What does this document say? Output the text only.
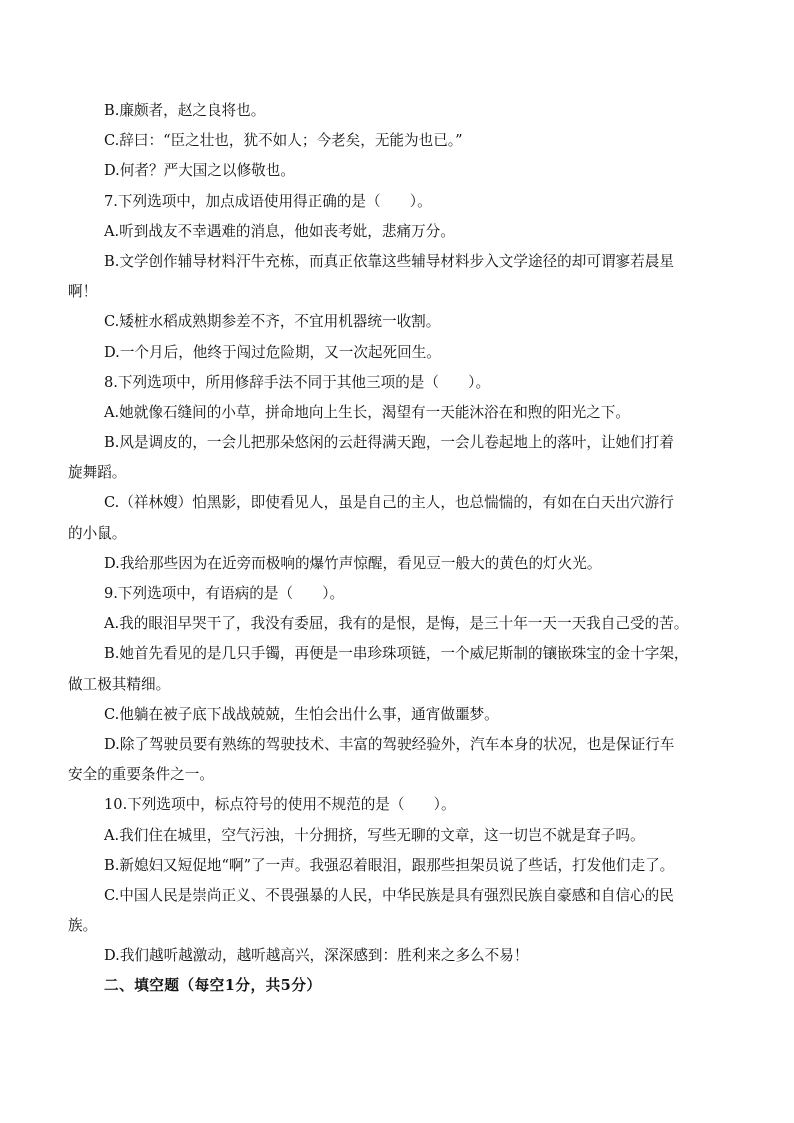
B.廉颇者，赵之良将也。
C.辞曰：“臣之壮也，犹不如人；今老矣，无能为也已。”
D.何者？严大国之以修敬也。
7.下列选项中，加点成语使用得正确的是（　　）。
A.听到战友不幸遇难的消息，他如丧考妣，悲痛万分。
B.文学创作辅导材料汗牛充栋，而真正依靠这些辅导材料步入文学途径的却可谓寥若晨星
啊！
C.矮桩水稻成熟期参差不齐，不宜用机器统一收割。
D.一个月后，他终于闯过危险期，又一次起死回生。
8.下列选项中，所用修辞手法不同于其他三项的是（　　）。
A.她就像石缝间的小草，拼命地向上生长，渴望有一天能沐浴在和煦的阳光之下。
B.风是调皮的，一会儿把那朵悠闲的云赶得满天跑，一会儿卷起地上的落叶，让她们打着
旋舞蹈。
C.（祥林嫂）怕黑影，即使看见人，虽是自己的主人，也总惴惴的，有如在白天出穴游行
的小鼠。
D.我给那些因为在近旁而极响的爆竹声惊醒，看见豆一般大的黄色的灯火光。
9.下列选项中，有语病的是（　　）。
A.我的眼泪早哭干了，我没有委屈，我有的是恨，是悔，是三十年一天一天我自己受的苦。
B.她首先看见的是几只手镯，再便是一串珍珠项链，一个威尼斯制的镶嵌珠宝的金十字架，
做工极其精细。
C.他躺在被子底下战战兢兢，生怕会出什么事，通宵做噩梦。
D.除了驾驶员要有熟练的驾驶技术、丰富的驾驶经验外，汽车本身的状况，也是保证行车
安全的重要条件之一。
10.下列选项中，标点符号的使用不规范的是（　　）。
A.我们住在城里，空气污浊，十分拥挤，写些无聊的文章，这一切岂不就是耷子吗。
B.新媳妇又短促地“啊”了一声。我强忍着眼泪，跟那些担架员说了些话，打发他们走了。
C.中国人民是崇尚正义、不畏强暴的人民，中华民族是具有强烈民族自豪感和自信心的民
族。
D.我们越听越激动，越听越高兴，深深感到：胜利来之多么不易！
二、填空题（每空1分，共5分）
